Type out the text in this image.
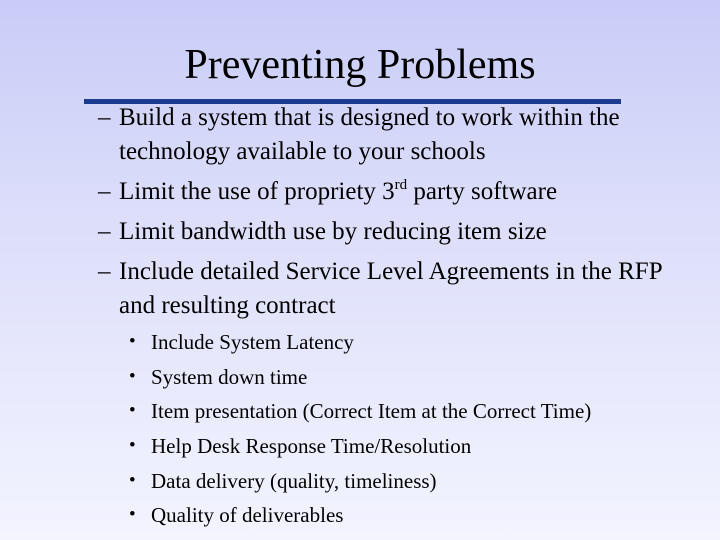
Preventing Problems
– Build a system that is designed to work within the technology available to your schools
– Limit the use of propriety 3rd party software
– Limit bandwidth use by reducing item size
– Include detailed Service Level Agreements in the RFP and resulting contract
• Include System Latency
• System down time
• Item presentation (Correct Item at the Correct Time)
• Help Desk Response Time/Resolution
• Data delivery (quality, timeliness)
• Quality of deliverables
